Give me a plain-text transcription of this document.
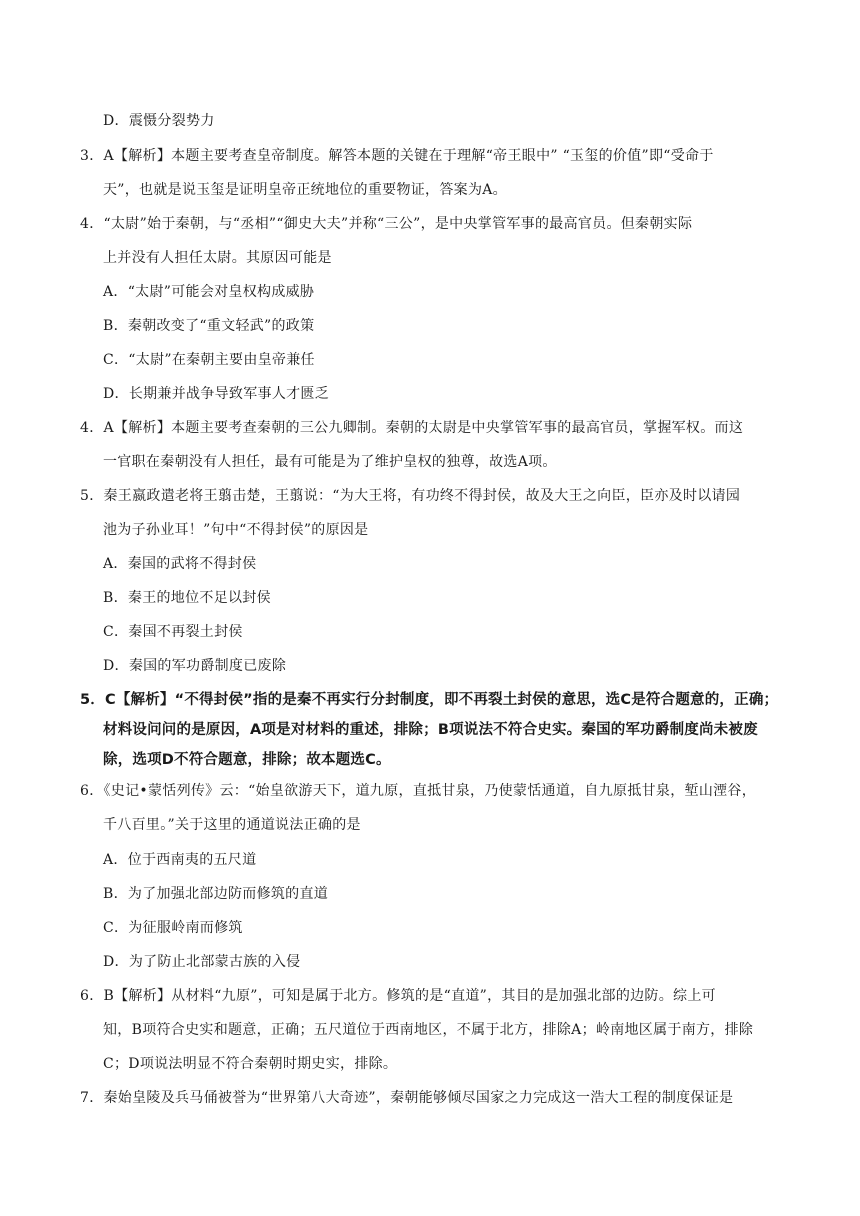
D．震慑分裂势力
3．A【解析】本题主要考查皇帝制度。解答本题的关键在于理解“帝王眼中” “玉玺的价值”即“受命于
天”，也就是说玉玺是证明皇帝正统地位的重要物证，答案为A。
4．“太尉”始于秦朝，与“丞相”“御史大夫”并称“三公”，是中央掌管军事的最高官员。但秦朝实际
上并没有人担任太尉。其原因可能是
A．“太尉”可能会对皇权构成威胁
B．秦朝改变了“重文轻武”的政策
C．“太尉”在秦朝主要由皇帝兼任
D．长期兼并战争导致军事人才匮乏
4．A【解析】本题主要考查秦朝的三公九卿制。秦朝的太尉是中央掌管军事的最高官员，掌握军权。而这
一官职在秦朝没有人担任，最有可能是为了维护皇权的独尊，故选A项。
5．秦王嬴政遣老将王翦击楚，王翦说：“为大王将，有功终不得封侯，故及大王之向臣，臣亦及时以请园
池为子孙业耳！”句中“不得封侯”的原因是
A．秦国的武将不得封侯
B．秦王的地位不足以封侯
C．秦国不再裂土封侯
D．秦国的军功爵制度已废除
5．C【解析】“不得封侯”指的是秦不再实行分封制度，即不再裂土封侯的意思，选C是符合题意的，正确；
材料设问问的是原因，A项是对材料的重述，排除；B项说法不符合史实。秦国的军功爵制度尚未被废
除，选项D不符合题意，排除；故本题选C。
6．《史记•蒙恬列传》云：“始皇欲游天下，道九原，直抵甘泉，乃使蒙恬通道，自九原抵甘泉，堑山湮谷，
千八百里。”关于这里的通道说法正确的是
A．位于西南夷的五尺道
B．为了加强北部边防而修筑的直道
C．为征服岭南而修筑
D．为了防止北部蒙古族的入侵
6．B【解析】从材料“九原”，可知是属于北方。修筑的是“直道”，其目的是加强北部的边防。综上可
知，B项符合史实和题意，正确；五尺道位于西南地区，不属于北方，排除A；岭南地区属于南方，排除
C；D项说法明显不符合秦朝时期史实，排除。
7．秦始皇陵及兵马俑被誉为“世界第八大奇迹”，秦朝能够倾尽国家之力完成这一浩大工程的制度保证是
